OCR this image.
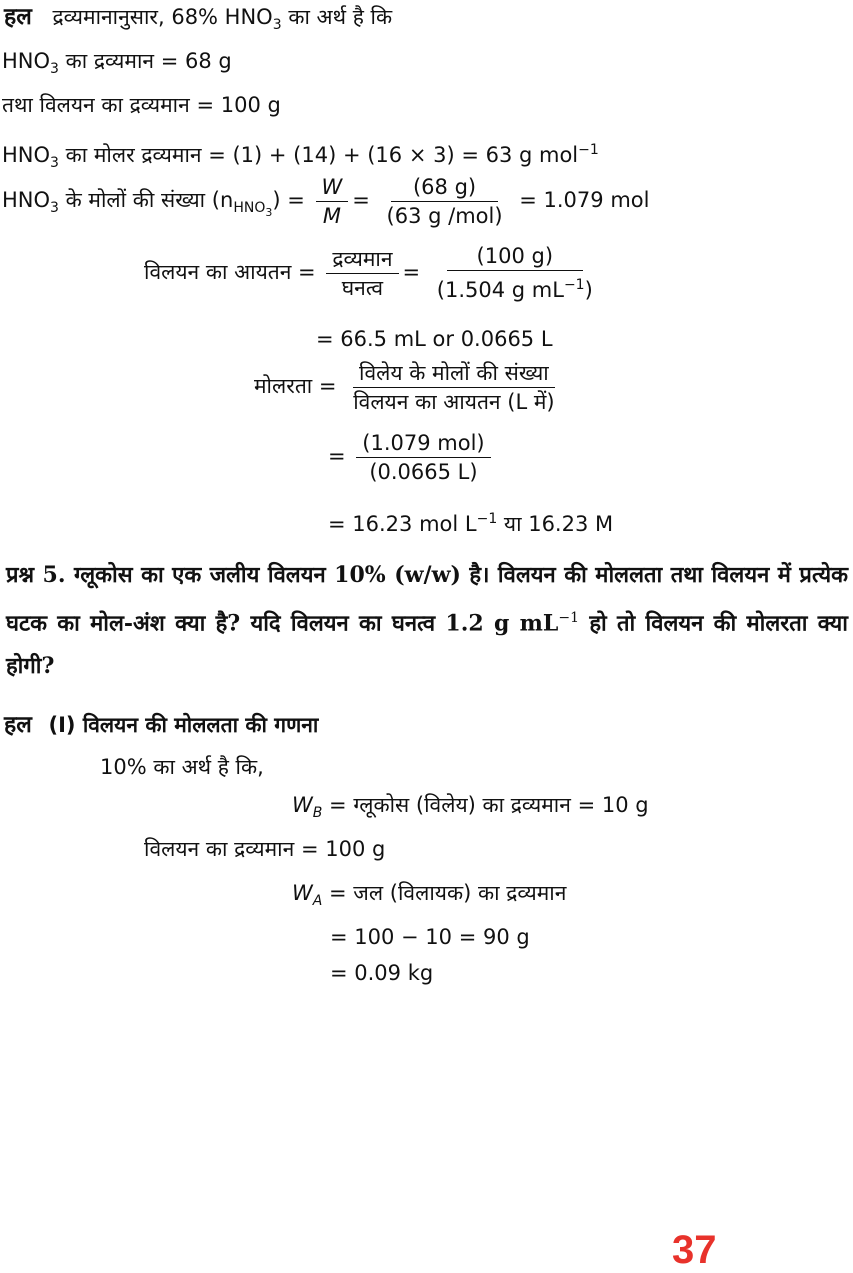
हल द्रव्यमानानुसार, 68% $HNO_3$ का अर्थ है कि
$HNO_3$ का द्रव्यमान = 68 g
तथा विलयन का द्रव्यमान = 100 g
$HNO_3$ का मोलर द्रव्यमान = (1) + (14) + (16 × 3) = 63 g mol$^{-1}$
$HNO_3$ के मोलों की संख्या $(n_{HNO_3}) = \frac{W}{M} = \frac{(68 g)}{\text{(63 g /mol)}} = 1.079$ mol
विलयन का आयतन = $\frac{\text{द्रव्यमान}}{\text{घनत्व}} = \frac{(100 g)}{(1.504 g mL^{-1})}$
= 66.5 mL or 0.0665 L
मोलरता = $\frac{\text{विलेय के मोलों की संख्या}}{\text{विलयन का आयतन (L में)}}$
= $\frac{\text{(1.079 mol)}}{(0.0665 L)}$
= 16.23 mol $L^{-1}$ या 16.23 M
प्रश्न 5. ग्लूकोस का एक जलीय विलयन 10% (w/w) है। विलयन की मोललता तथा विलयन में प्रत्येक घटक का मोल-अंश क्या है? यदि विलयन का घनत्व 1.2 g $mL^{-1}$ हो तो विलयन की मोलरता क्या होगी?
हल (I) विलयन की मोललता की गणना
10% का अर्थ है कि,
$W_B$ = ग्लूकोस (विलेय) का द्रव्यमान = 10 g
विलयन का द्रव्यमान = 100 g
$W_A$ = जल (विलायक) का द्रव्यमान
= 100 − 10 = 90 g
= 0.09 kg
37
